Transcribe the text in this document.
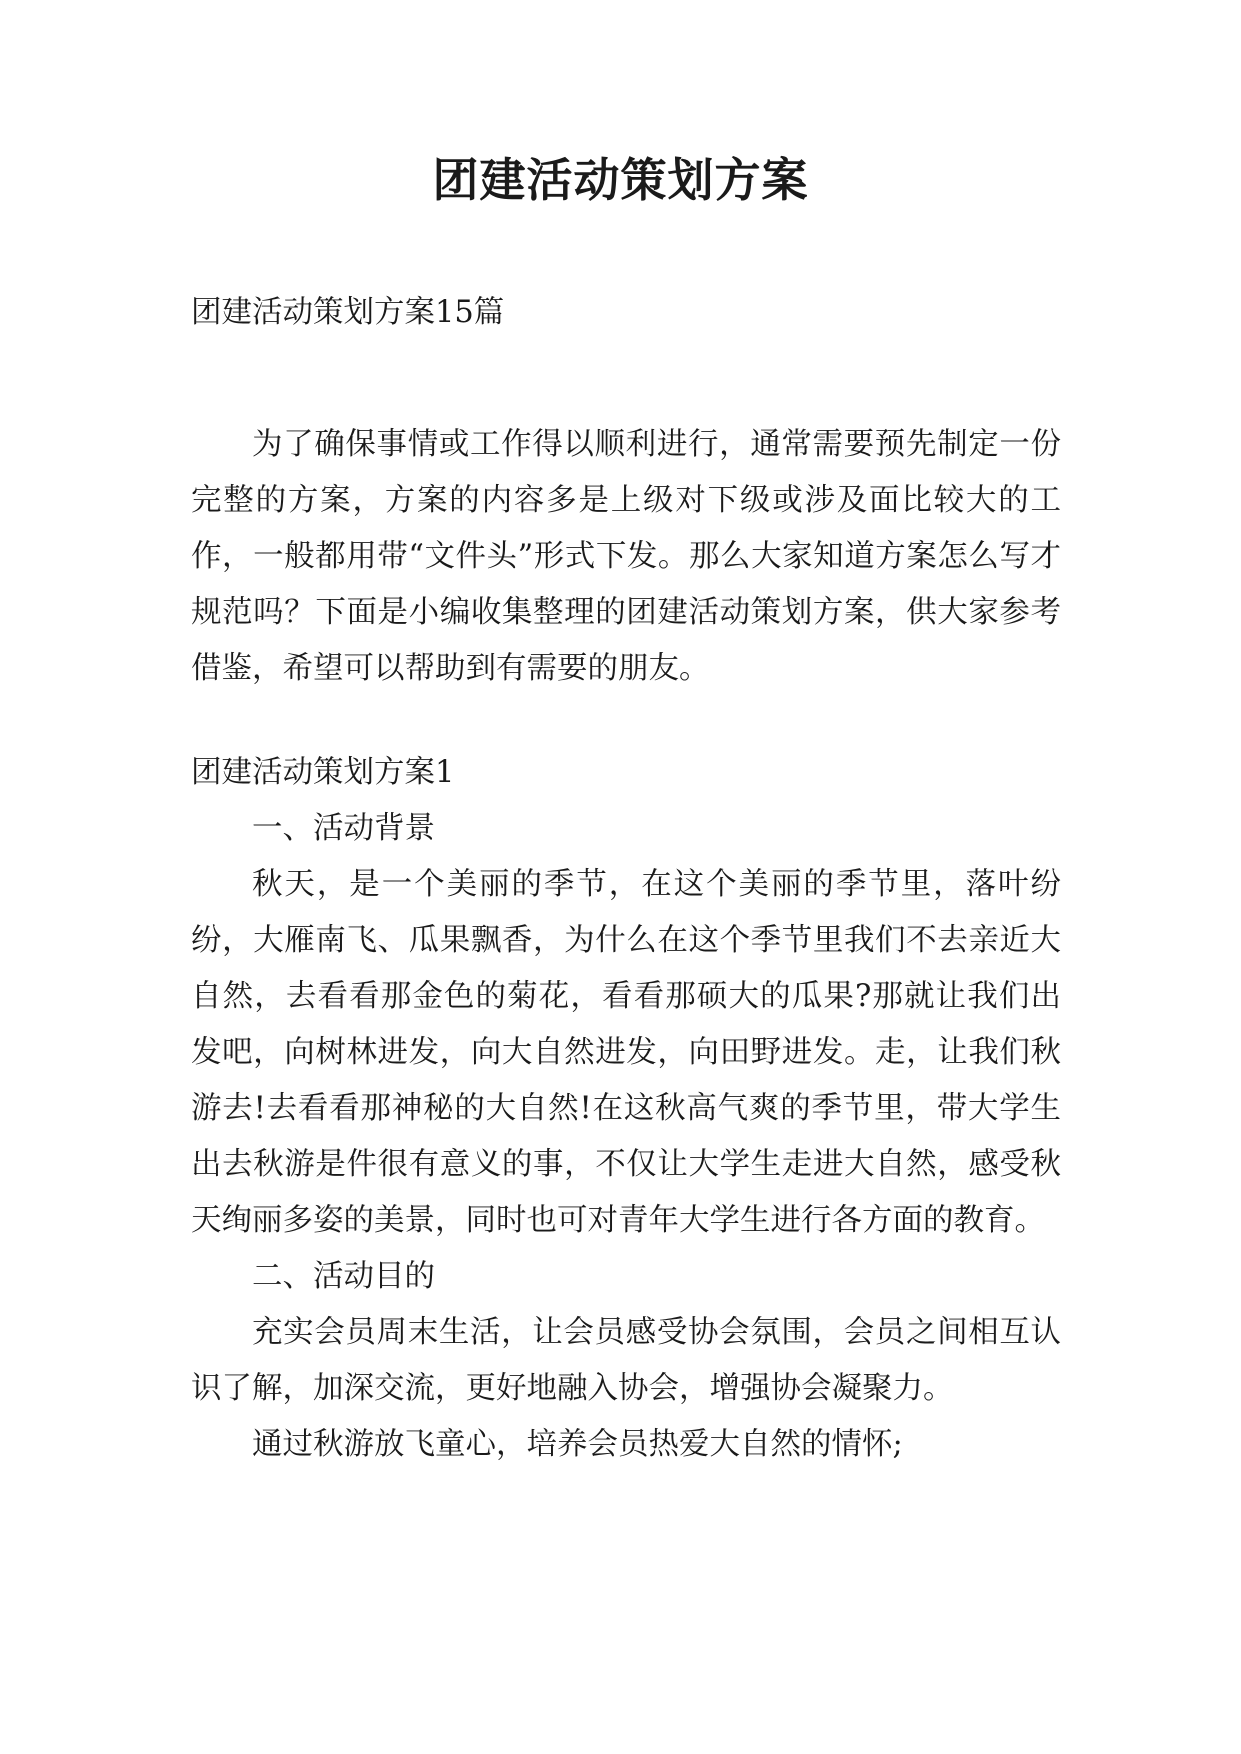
团建活动策划方案

团建活动策划方案15篇

为了确保事情或工作得以顺利进行，通常需要预先制定一份完整的方案，方案的内容多是上级对下级或涉及面比较大的工作，一般都用带“文件头”形式下发。那么大家知道方案怎么写才规范吗？下面是小编收集整理的团建活动策划方案，供大家参考借鉴，希望可以帮助到有需要的朋友。

团建活动策划方案1

一、活动背景

秋天，是一个美丽的季节，在这个美丽的季节里，落叶纷纷，大雁南飞、瓜果飘香，为什么在这个季节里我们不去亲近大自然，去看看那金色的菊花，看看那硕大的瓜果?那就让我们出发吧，向树林进发，向大自然进发，向田野进发。走，让我们秋游去!去看看那神秘的大自然!在这秋高气爽的季节里，带大学生出去秋游是件很有意义的事，不仅让大学生走进大自然，感受秋天绚丽多姿的美景，同时也可对青年大学生进行各方面的教育。

二、活动目的

充实会员周末生活，让会员感受协会氛围，会员之间相互认识了解，加深交流，更好地融入协会，增强协会凝聚力。

通过秋游放飞童心，培养会员热爱大自然的情怀;
